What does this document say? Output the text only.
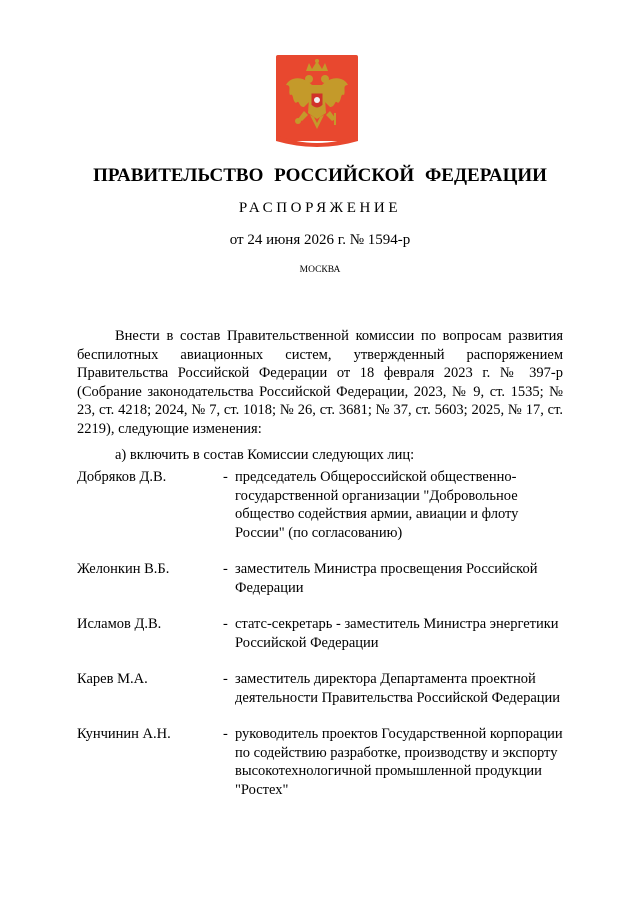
ПРАВИТЕЛЬСТВО РОССИЙСКОЙ ФЕДЕРАЦИИ
РАСПОРЯЖЕНИЕ
от 24 июня 2026 г. № 1594-р
МОСКВА

Внести в состав Правительственной комиссии по вопросам развития беспилотных авиационных систем, утвержденный распоряжением Правительства Российской Федерации от 18 февраля 2023 г. № 397-р (Собрание законодательства Российской Федерации, 2023, № 9, ст. 1535; № 23, ст. 4218; 2024, № 7, ст. 1018; № 26, ст. 3681; № 37, ст. 5603; 2025, № 17, ст. 2219), следующие изменения:

а) включить в состав Комиссии следующих лиц:

Добряков Д.В.	- председатель Общероссийской общественно-государственной организации "Добровольное общество содействия армии, авиации и флоту России" (по согласованию)
Желонкин В.Б.	- заместитель Министра просвещения Российской Федерации
Исламов Д.В.	- статс-секретарь - заместитель Министра энергетики Российской Федерации
Карев М.А.	- заместитель директора Департамента проектной деятельности Правительства Российской Федерации
Кунчинин А.Н.	- руководитель проектов Государственной корпорации по содействию разработке, производству и экспорту высокотехнологичной промышленной продукции "Ростех"
